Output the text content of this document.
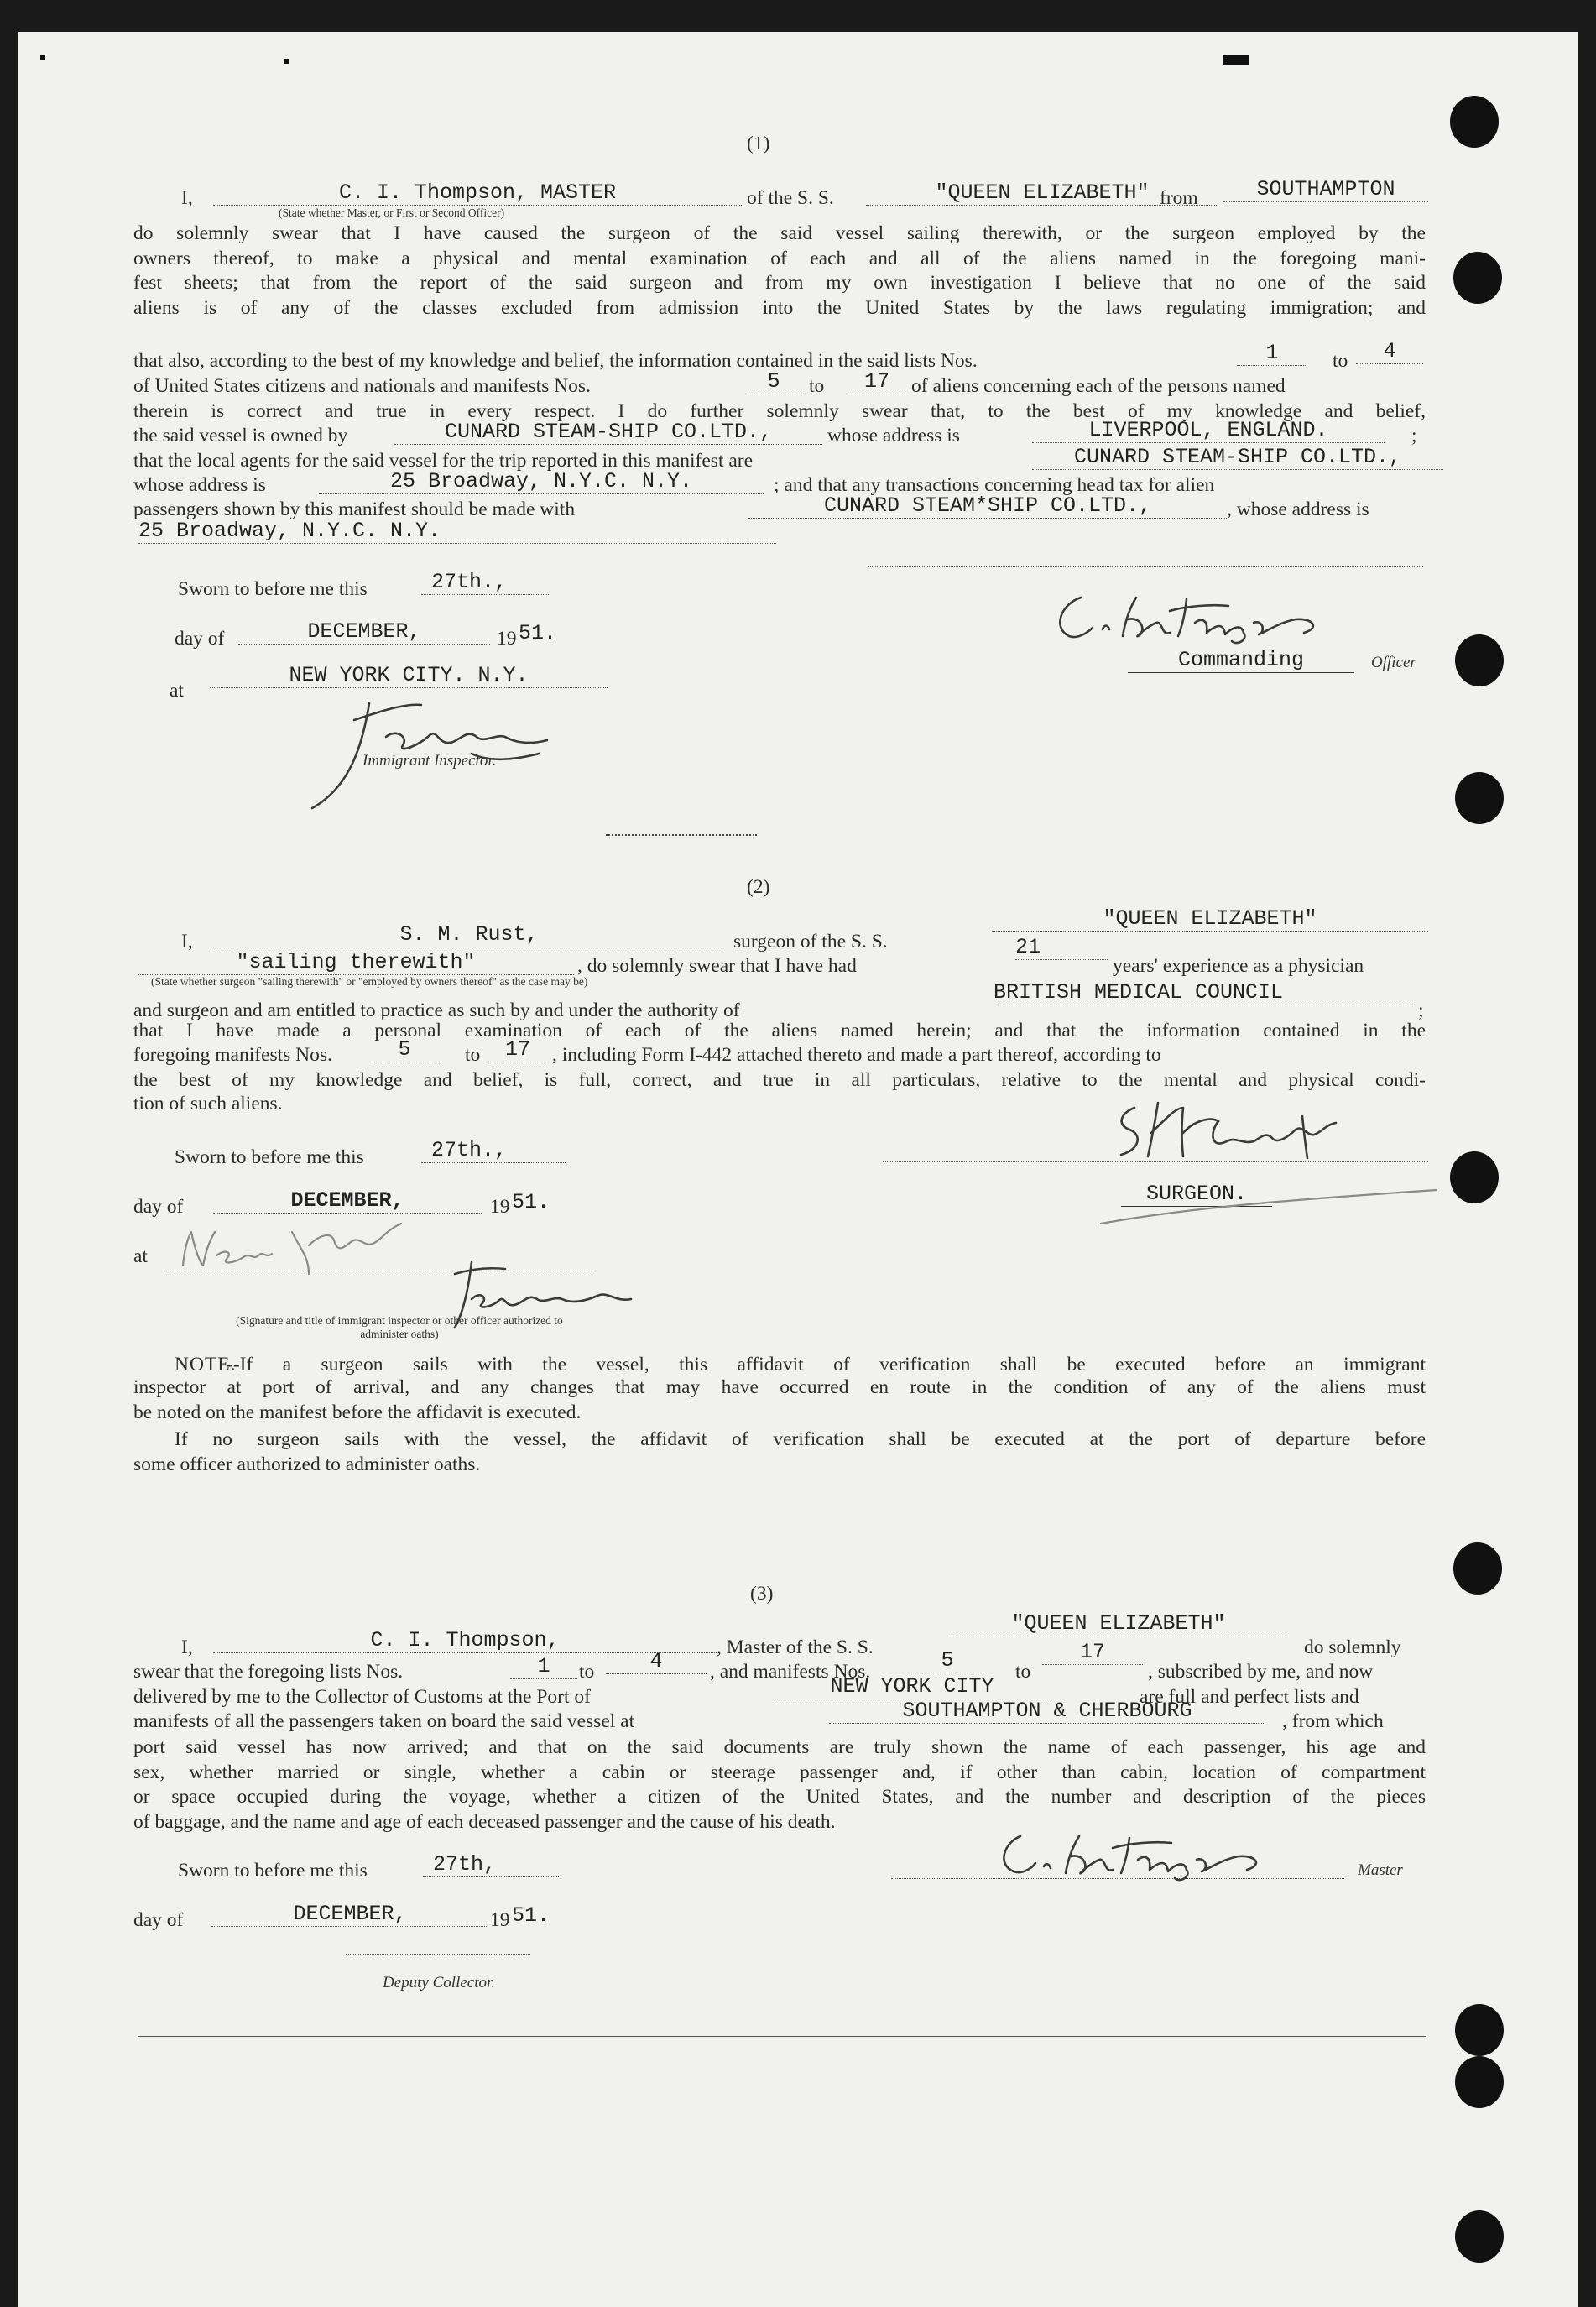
(1)
I,	C. I. Thompson, MASTER	of the S. S.	"QUEEN ELIZABETH" from	SOUTHAMPTON
(State whether Master, or First or Second Officer)
do solemnly swear that I have caused the surgeon of the said vessel sailing therewith, or the surgeon employed by the
owners thereof, to make a physical and mental examination of each and all of the aliens named in the foregoing mani-
fest sheets; that from the report of the said surgeon and from my own investigation I believe that no one of the said
aliens is of any of the classes excluded from admission into the United States by the laws regulating immigration; and
that also, according to the best of my knowledge and belief, the information contained in the said lists Nos.	1	to	4
of United States citizens and nationals and manifests Nos.	5	to	17	of aliens concerning each of the persons named
therein is correct and true in every respect. I do further solemnly swear that, to the best of my knowledge and belief,
the said vessel is owned by	CUNARD STEAM-SHIP CO.LTD.,	whose address is	LIVERPOOL, ENGLAND.	;
that the local agents for the said vessel for the trip reported in this manifest are	CUNARD STEAM-SHIP CO.LTD.,
whose address is	25 Broadway, N.Y.C. N.Y.	; and that any transactions concerning head tax for alien
passengers shown by this manifest should be made with	CUNARD STEAM*SHIP CO.LTD.,	, whose address is
25 Broadway, N.Y.C. N.Y.
Sworn to before me this	27th.,
day of	DECEMBER,	19 51.
at
NEW YORK CITY. N.Y.
Immigrant Inspector.
Commanding	Officer
(2)
I,	S. M. Rust,	surgeon of the S. S.
"QUEEN ELIZABETH"
"sailing therewith"	, do solemnly swear that I have had
21
years' experience as a physician
(State whether surgeon "sailing therewith" or "employed by owners thereof" as the case may be)
and surgeon and am entitled to practice as such by and under the authority of
BRITISH MEDICAL COUNCIL
;
that I have made a personal examination of each of the aliens named herein; and that the information contained in the
foregoing manifests Nos.	5	to	17	, including Form I-442 attached thereto and made a part thereof, according to
the best of my knowledge and belief, is full, correct, and true in all particulars, relative to the mental and physical condi-
tion of such aliens.
Sworn to before me this	27th.,
day of	DECEMBER,	19 51.
at
(Signature and title of immigrant inspector or other officer authorized to administer oaths)
SURGEON.
NOTE.
--If a surgeon sails with the vessel, this affidavit of verification shall be executed before an immigrant
inspector at port of arrival, and any changes that may have occurred en route in the condition of any of the aliens must
be noted on the manifest before the affidavit is executed.
If no surgeon sails with the vessel, the affidavit of verification shall be executed at the port of departure before
some officer authorized to administer oaths.
(3)
I,	C. I. Thompson,	, Master of the S. S.
"QUEEN ELIZABETH"
do solemnly
swear that the foregoing lists Nos.	1	to	4	, and manifests Nos.	5	to
17
, subscribed by me, and now
delivered by me to the Collector of Customs at the Port of	NEW YORK CITY	are full and perfect lists and
manifests of all the passengers taken on board the said vessel at	SOUTHAMPTON & CHERBOURG	, from which
port said vessel has now arrived; and that on the said documents are truly shown the name of each passenger, his age and
sex, whether married or single, whether a cabin or steerage passenger and, if other than cabin, location of compartment
or space occupied during the voyage, whether a citizen of the United States, and the number and description of the pieces
of baggage, and the name and age of each deceased passenger and the cause of his death.
Sworn to before me this	27th,
day of	DECEMBER,	19 51.
Master
Deputy Collector.
